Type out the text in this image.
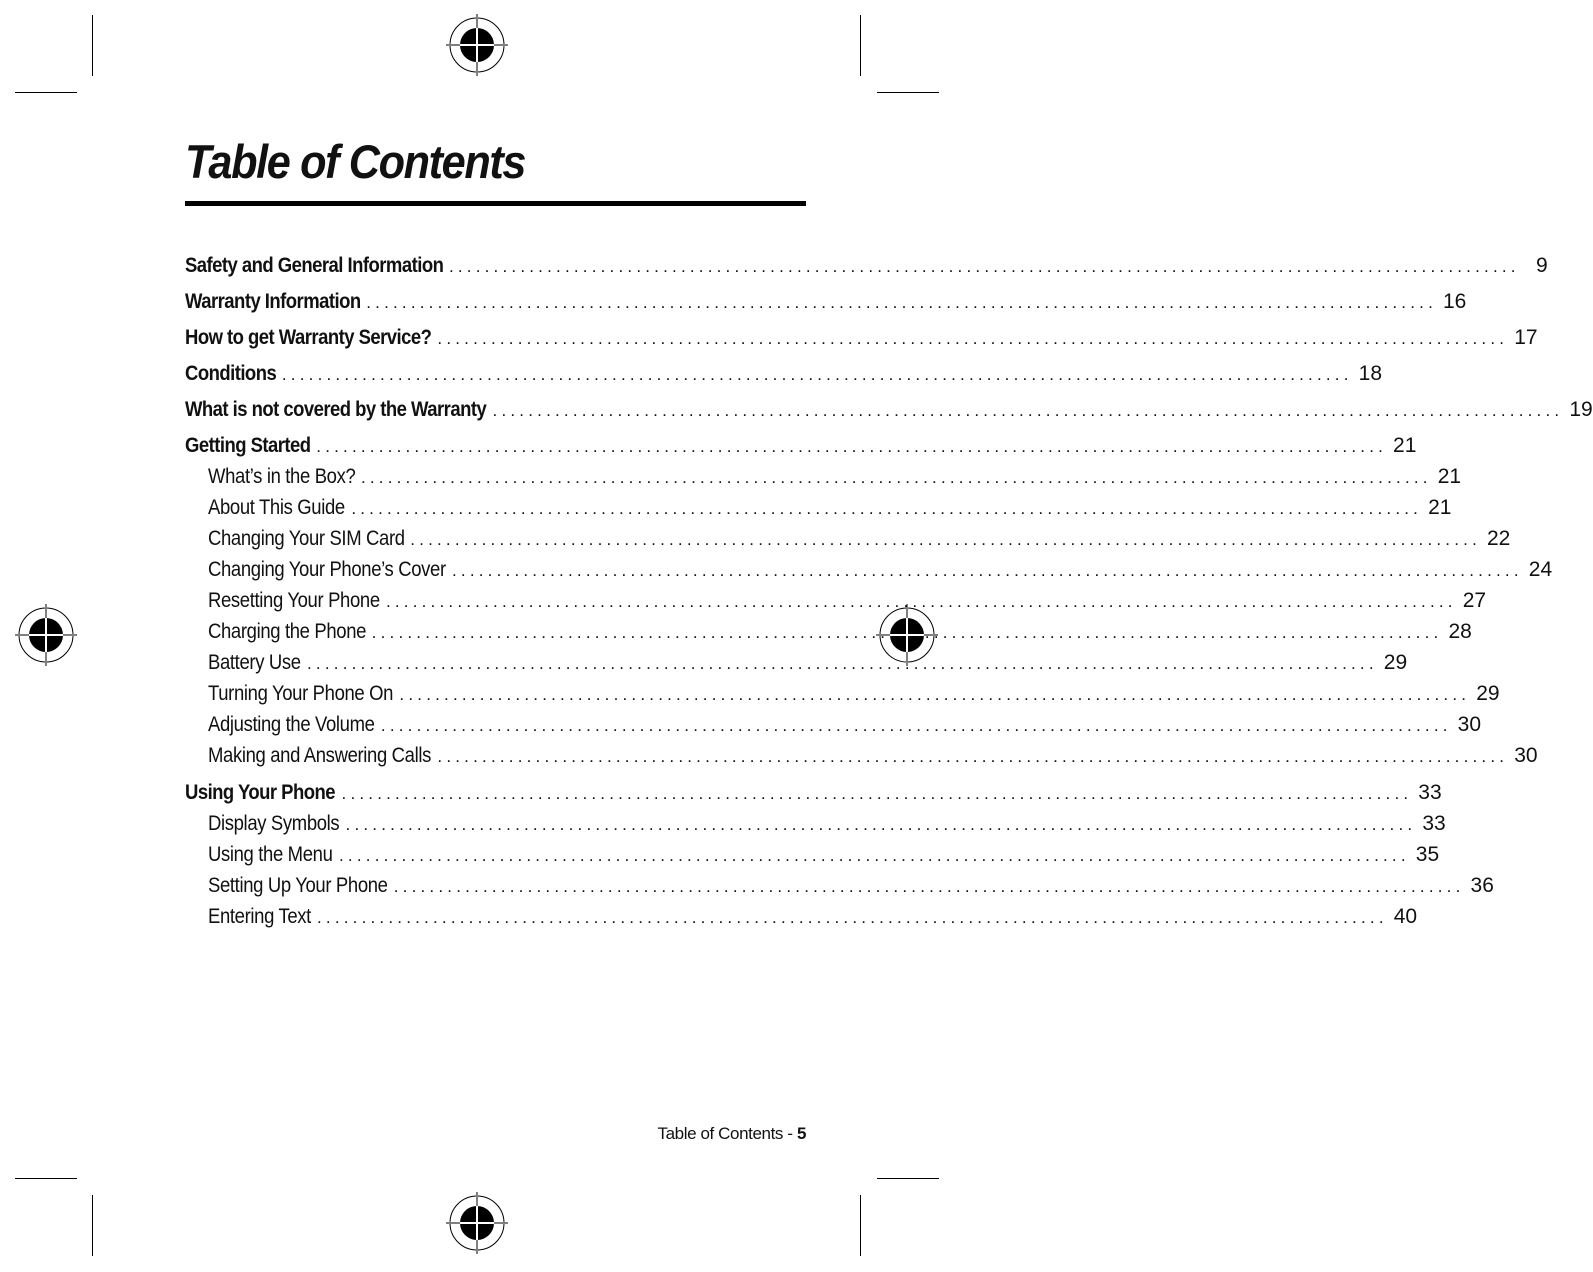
Table of Contents
Safety and General Information ........................................................................................................................ 9
Warranty Information ........................................................................................................................ 16
How to get Warranty Service? ........................................................................................................................ 17
Conditions ........................................................................................................................ 18
What is not covered by the Warranty ........................................................................................................................ 19
Getting Started ........................................................................................................................ 21
What’s in the Box? ........................................................................................................................ 21
About This Guide ........................................................................................................................ 21
Changing Your SIM Card ........................................................................................................................ 22
Changing Your Phone’s Cover ........................................................................................................................ 24
Resetting Your Phone ........................................................................................................................ 27
Charging the Phone ........................................................................................................................ 28
Battery Use ........................................................................................................................ 29
Turning Your Phone On ........................................................................................................................ 29
Adjusting the Volume ........................................................................................................................ 30
Making and Answering Calls ........................................................................................................................ 30
Using Your Phone ........................................................................................................................ 33
Display Symbols ........................................................................................................................ 33
Using the Menu ........................................................................................................................ 35
Setting Up Your Phone ........................................................................................................................ 36
Entering Text ........................................................................................................................ 40
Table of Contents - 5
